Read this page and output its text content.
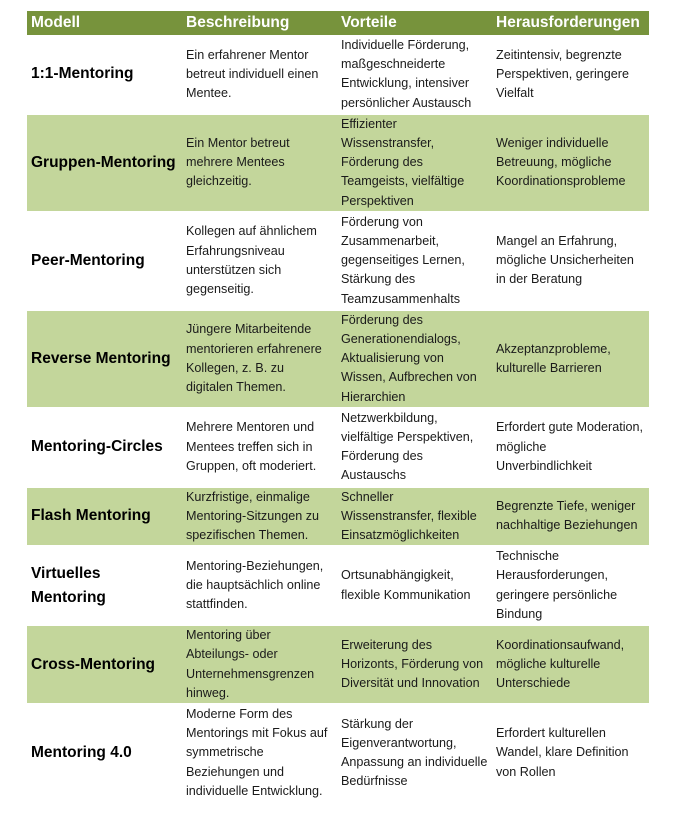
Modell	Beschreibung	Vorteile	Herausforderungen
1:1-Mentoring	Ein erfahrener Mentor betreut individuell einen Mentee.	Individuelle Förderung, maßgeschneiderte Entwicklung, intensiver persönlicher Austausch	Zeitintensiv, begrenzte Perspektiven, geringere Vielfalt
Gruppen-Mentoring	Ein Mentor betreut mehrere Mentees gleichzeitig.	Effizienter Wissenstransfer, Förderung des Teamgeists, vielfältige Perspektiven	Weniger individuelle Betreuung, mögliche Koordinationsprobleme
Peer-Mentoring	Kollegen auf ähnlichem Erfahrungsniveau unterstützen sich gegenseitig.	Förderung von Zusammenarbeit, gegenseitiges Lernen, Stärkung des Teamzusammenhalts	Mangel an Erfahrung, mögliche Unsicherheiten in der Beratung
Reverse Mentoring	Jüngere Mitarbeitende mentorieren erfahrenere Kollegen, z. B. zu digitalen Themen.	Förderung des Generationendialogs, Aktualisierung von Wissen, Aufbrechen von Hierarchien	Akzeptanzprobleme, kulturelle Barrieren
Mentoring-Circles	Mehrere Mentoren und Mentees treffen sich in Gruppen, oft moderiert.	Netzwerkbildung, vielfältige Perspektiven, Förderung des Austauschs	Erfordert gute Moderation, mögliche Unverbindlichkeit
Flash Mentoring	Kurzfristige, einmalige Mentoring-Sitzungen zu spezifischen Themen.	Schneller Wissenstransfer, flexible Einsatzmöglichkeiten	Begrenzte Tiefe, weniger nachhaltige Beziehungen
Virtuelles Mentoring	Mentoring-Beziehungen, die hauptsächlich online stattfinden.	Ortsunabhängigkeit, flexible Kommunikation	Technische Herausforderungen, geringere persönliche Bindung
Cross-Mentoring	Mentoring über Abteilungs- oder Unternehmensgrenzen hinweg.	Erweiterung des Horizonts, Förderung von Diversität und Innovation	Koordinationsaufwand, mögliche kulturelle Unterschiede
Mentoring 4.0	Moderne Form des Mentorings mit Fokus auf symmetrische Beziehungen und individuelle Entwicklung.	Stärkung der Eigenverantwortung, Anpassung an individuelle Bedürfnisse	Erfordert kulturellen Wandel, klare Definition von Rollen
